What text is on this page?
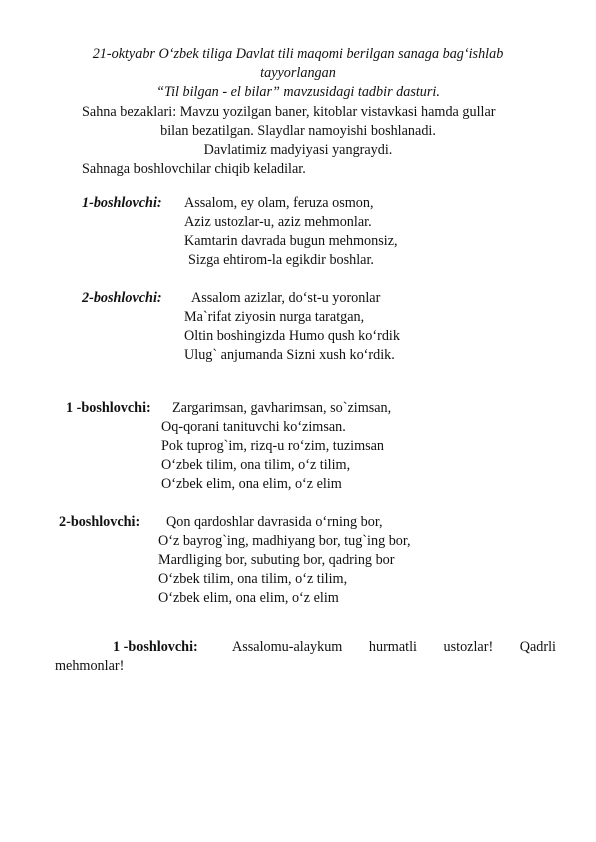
21-oktyabr O‘zbek tiliga Davlat tili maqomi berilgan sanaga bag‘ishlab
tayyorlangan
“Til bilgan - el bilar” mavzusidagi tadbir dasturi.
Sahna bezaklari: Mavzu yozilgan baner, kitoblar vistavkasi hamda gullar
bilan bezatilgan. Slaydlar namoyishi boshlanadi.
Davlatimiz madyiyasi yangraydi.
Sahnaga boshlovchilar chiqib keladilar.
1-boshlovchi: Assalom, ey olam, feruza osmon,
Aziz ustozlar-u, aziz mehmonlar.
Kamtarin davrada bugun mehmonsiz,
Sizga ehtirom-la egikdir boshlar.
2-boshlovchi: Assalom azizlar, do‘st-u yoronlar
Ma`rifat ziyosin nurga taratgan,
Oltin boshingizda Humo qush ko‘rdik
Ulug` anjumanda Sizni xush ko‘rdik.
1 -boshlovchi: Zargarimsan, gavharimsan, so`zimsan,
Oq-qorani tanituvchi ko‘zimsan.
Pok tuprog`im, rizq-u ro‘zim, tuzimsan
O‘zbek tilim, ona tilim, o‘z tilim,
O‘zbek elim, ona elim, o‘z elim
2-boshlovchi: Qon qardoshlar davrasida o‘rning bor,
O‘z bayrog`ing, madhiyang bor, tug`ing bor,
Mardliging bor, subuting bor, qadring bor
O‘zbek tilim, ona tilim, o‘z tilim,
O‘zbek elim, ona elim, o‘z elim
1 -boshlovchi: Assalomu-alaykum hurmatli ustozlar! Qadrli
mehmonlar!
